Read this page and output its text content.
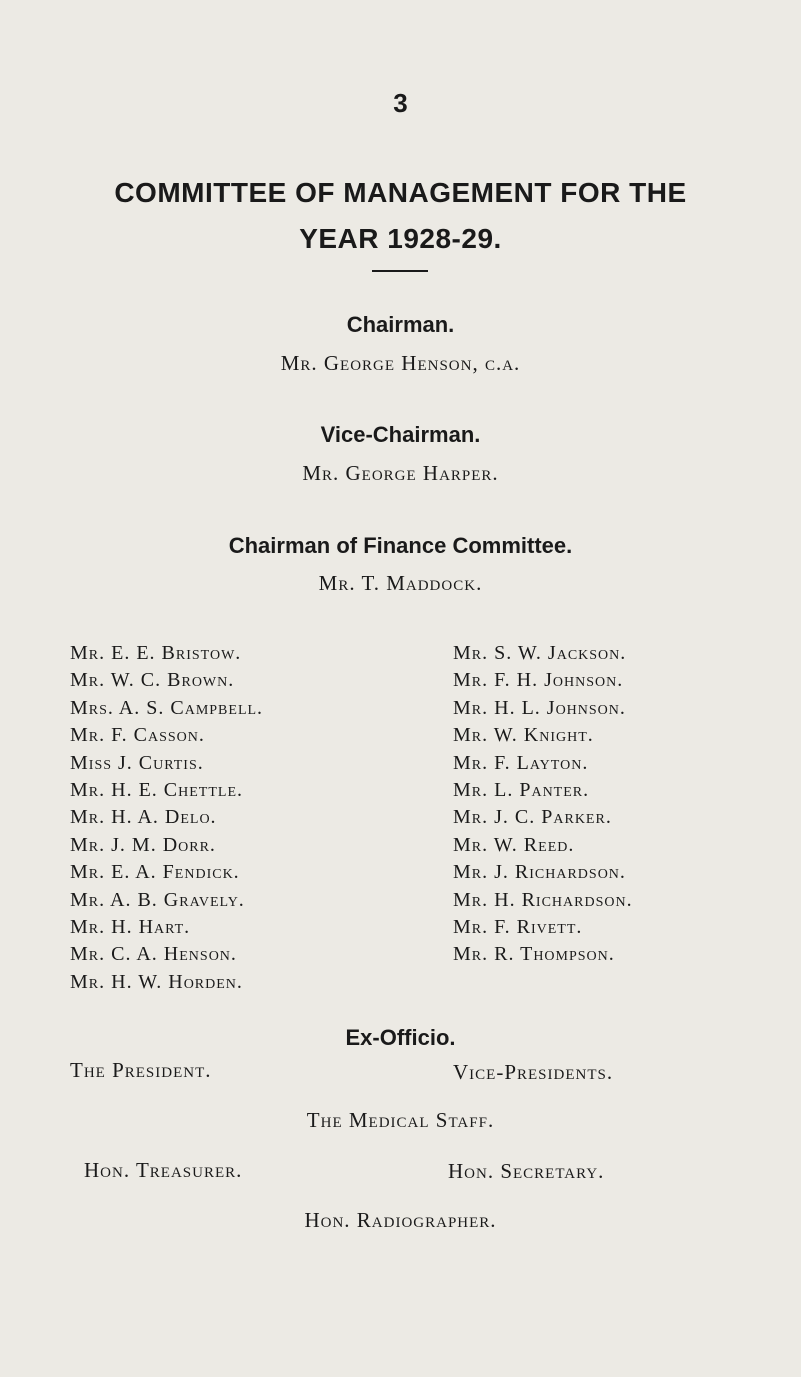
3
COMMITTEE OF MANAGEMENT FOR THE
YEAR 1928-29.
Chairman.
Mr. George Henson, c.a.
Vice-Chairman.
Mr. George Harper.
Chairman of Finance Committee.
Mr. T. Maddock.
Mr. E. E. Bristow.
Mr. W. C. Brown.
Mrs. A. S. Campbell.
Mr. F. Casson.
Miss J. Curtis.
Mr. H. E. Chettle.
Mr. H. A. Delo.
Mr. J. M. Dorr.
Mr. E. A. Fendick.
Mr. A. B. Gravely.
Mr. H. Hart.
Mr. C. A. Henson.
Mr. H. W. Horden.
Mr. S. W. Jackson.
Mr. F. H. Johnson.
Mr. H. L. Johnson.
Mr. W. Knight.
Mr. F. Layton.
Mr. L. Panter.
Mr. J. C. Parker.
Mr. W. Reed.
Mr. J. Richardson.
Mr. H. Richardson.
Mr. F. Rivett.
Mr. R. Thompson.
Ex-Officio.
The President.	Vice-Presidents.
The Medical Staff.
Hon. Treasurer.	Hon. Secretary.
Hon. Radiographer.
